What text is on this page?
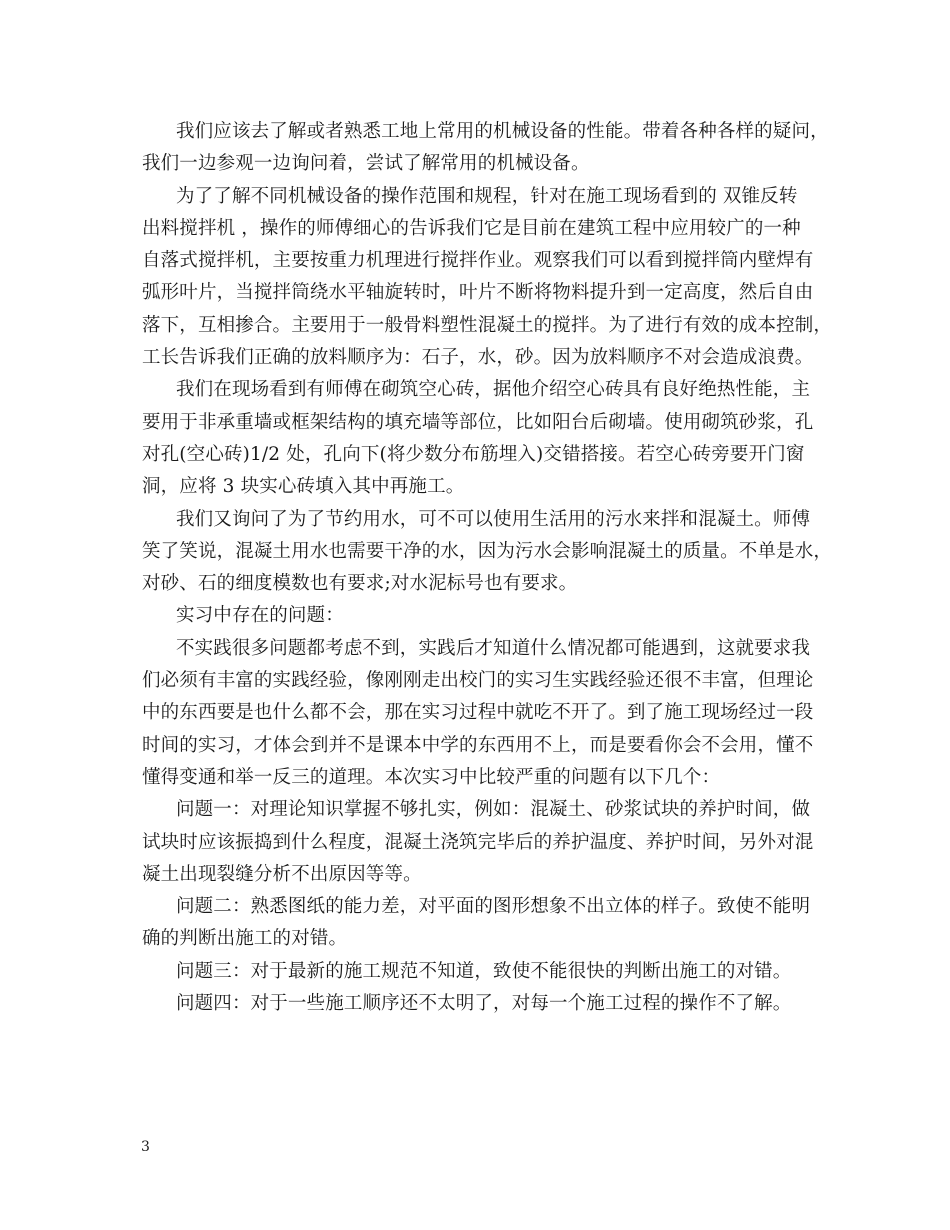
我们应该去了解或者熟悉工地上常用的机械设备的性能。带着各种各样的疑问，
我们一边参观一边询问着，尝试了解常用的机械设备。
为了了解不同机械设备的操作范围和规程，针对在施工现场看到的 双锥反转
出料搅拌机 ，操作的师傅细心的告诉我们它是目前在建筑工程中应用较广的一种
自落式搅拌机，主要按重力机理进行搅拌作业。观察我们可以看到搅拌筒内壁焊有
弧形叶片，当搅拌筒绕水平轴旋转时，叶片不断将物料提升到一定高度，然后自由
落下，互相掺合。主要用于一般骨料塑性混凝土的搅拌。为了进行有效的成本控制，
工长告诉我们正确的放料顺序为：石子，水，砂。因为放料顺序不对会造成浪费。
我们在现场看到有师傅在砌筑空心砖，据他介绍空心砖具有良好绝热性能，主
要用于非承重墙或框架结构的填充墙等部位，比如阳台后砌墙。使用砌筑砂浆，孔
对孔(空心砖)1/2 处，孔向下(将少数分布筋埋入)交错搭接。若空心砖旁要开门窗
洞，应将 3 块实心砖填入其中再施工。
我们又询问了为了节约用水，可不可以使用生活用的污水来拌和混凝土。师傅
笑了笑说，混凝土用水也需要干净的水，因为污水会影响混凝土的质量。不单是水，
对砂、石的细度模数也有要求;对水泥标号也有要求。
实习中存在的问题：
不实践很多问题都考虑不到，实践后才知道什么情况都可能遇到，这就要求我
们必须有丰富的实践经验，像刚刚走出校门的实习生实践经验还很不丰富，但理论
中的东西要是也什么都不会，那在实习过程中就吃不开了。到了施工现场经过一段
时间的实习，才体会到并不是课本中学的东西用不上，而是要看你会不会用，懂不
懂得变通和举一反三的道理。本次实习中比较严重的问题有以下几个：
问题一：对理论知识掌握不够扎实，例如：混凝土、砂浆试块的养护时间，做
试块时应该振捣到什么程度，混凝土浇筑完毕后的养护温度、养护时间，另外对混
凝土出现裂缝分析不出原因等等。
问题二：熟悉图纸的能力差，对平面的图形想象不出立体的样子。致使不能明
确的判断出施工的对错。
问题三：对于最新的施工规范不知道，致使不能很快的判断出施工的对错。
问题四：对于一些施工顺序还不太明了，对每一个施工过程的操作不了解。
3
